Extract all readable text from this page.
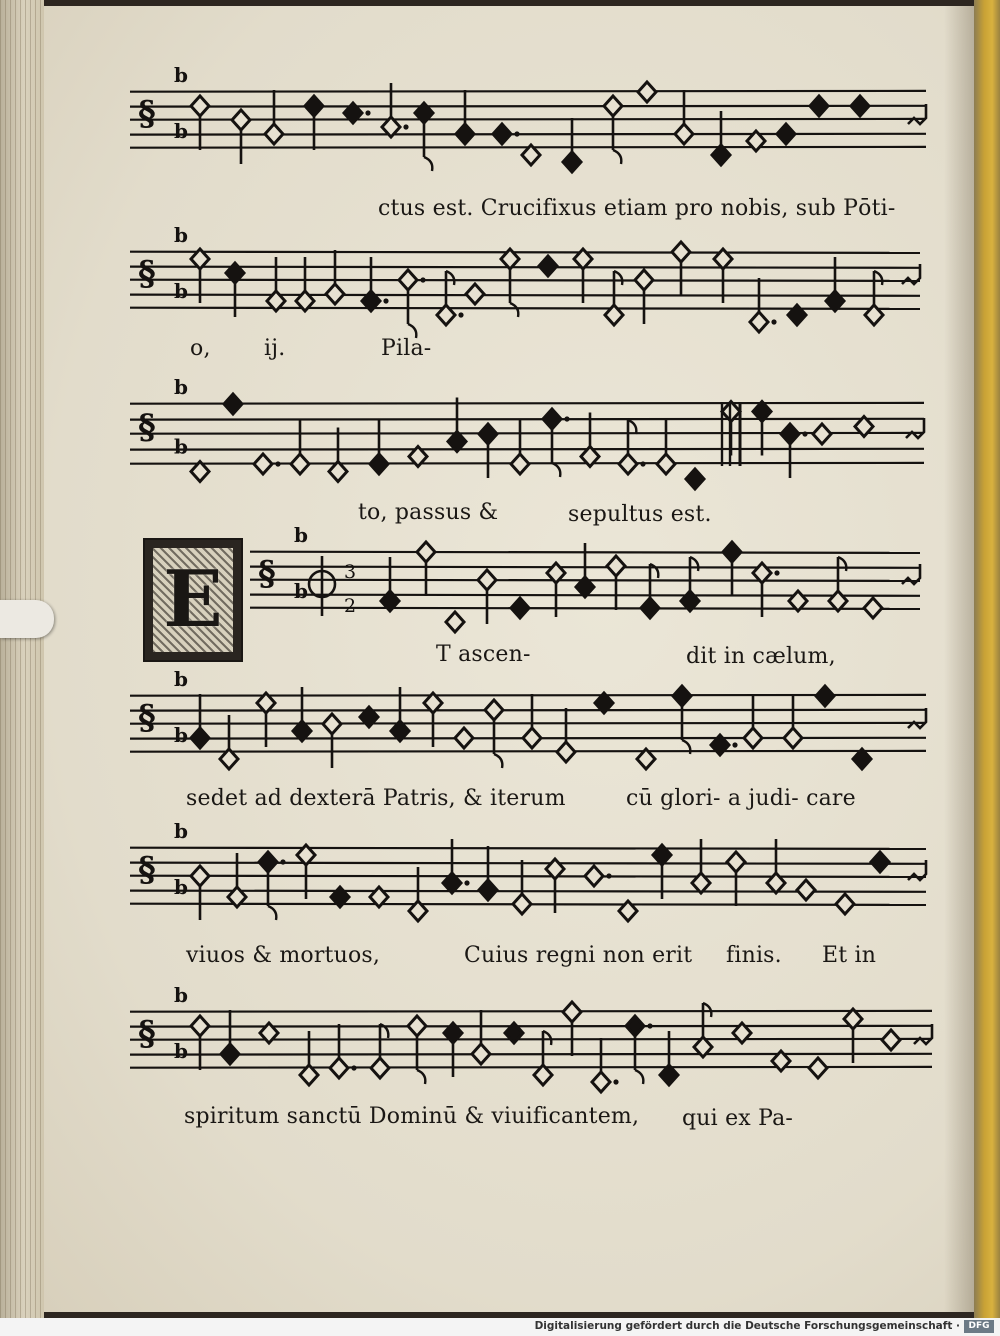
§
b
b
§
b
b
§
b
b
§
b
b
§
b
b
§
b
b
§
b
b
3
2
E
ctus est. Crucifixus etiam pro nobis, sub Pōti-
o, ij.	Pila-
to, passus &	sepultus est.
T ascen-	dit in cælum,
sedet ad dexterā Patris, & iterum	cū glori- a judi- care
viuos & mortuos,	Cuius regni non erit finis. Et in
spiritum sanctū Dominū & viuificantem, qui ex Pa-
Digitalisierung gefördert durch die Deutsche Forschungsgemeinschaft · DFG
